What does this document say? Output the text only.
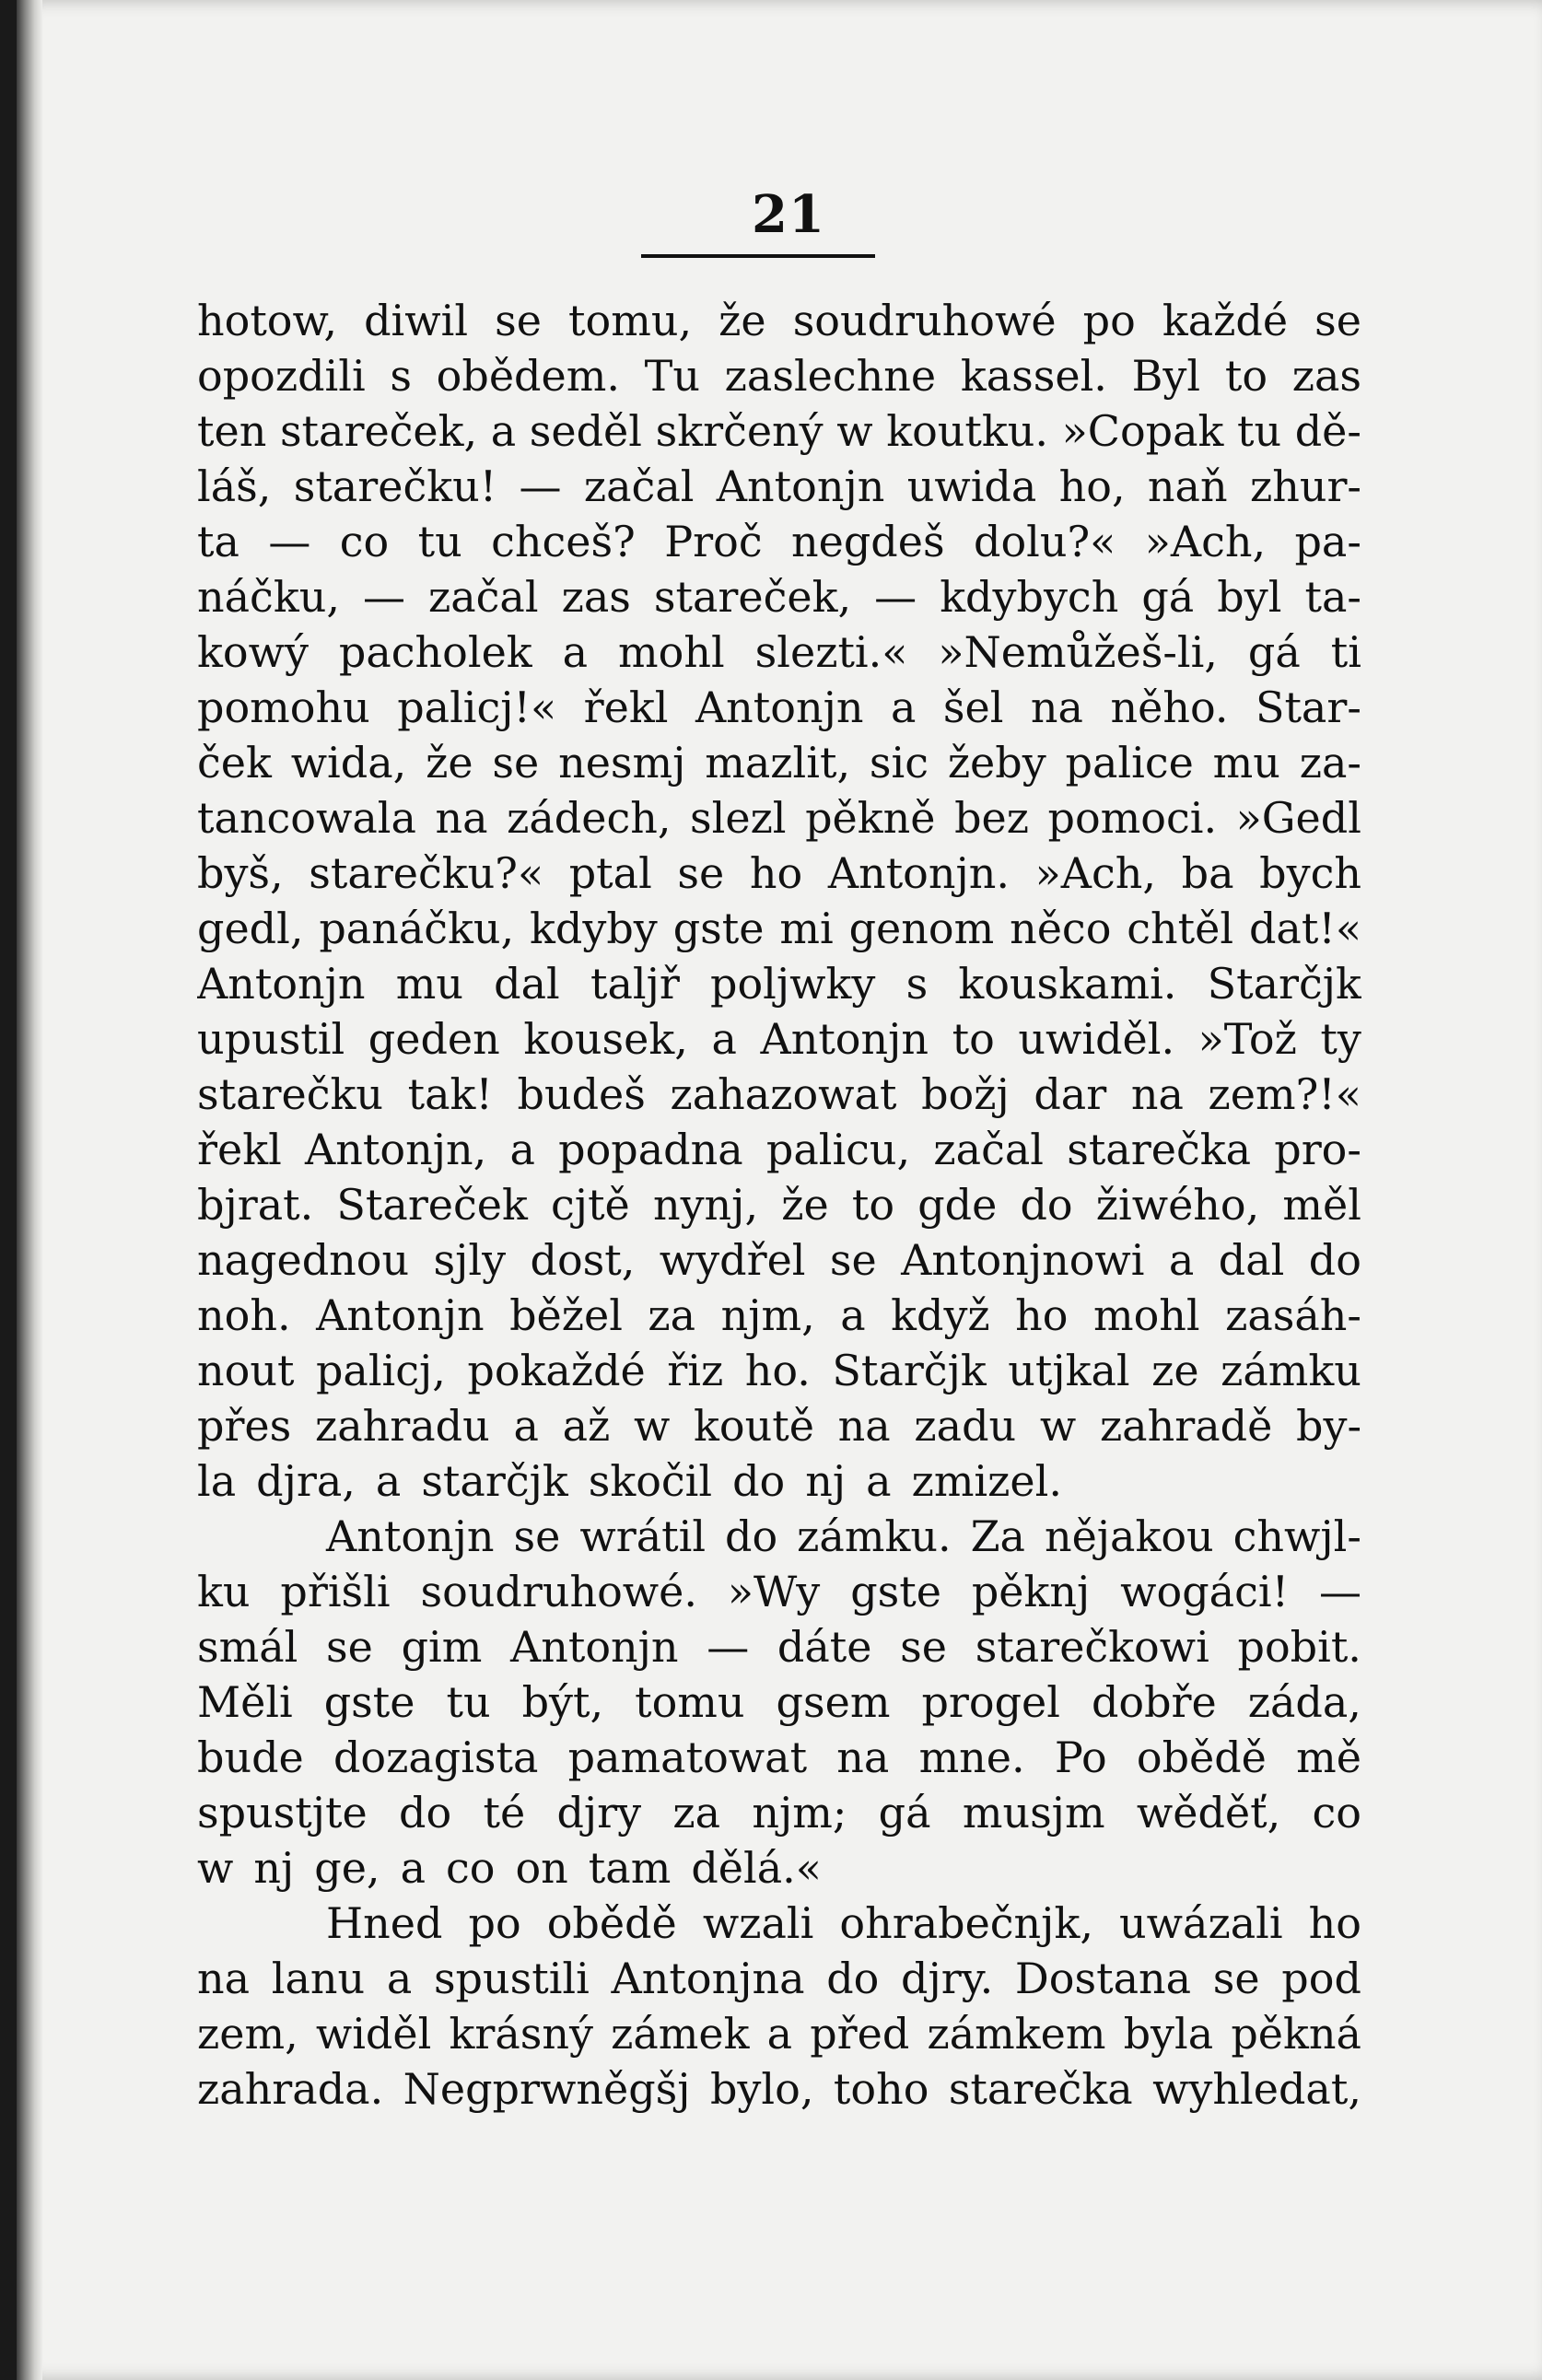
21
hotow, diwil se tomu, že soudruhowé po každé se
opozdili s obědem. Tu zaslechne kassel. Byl to zas
ten stareček, a seděl skrčený w koutku. »Copak tu dě-
láš, starečku! — začal Antonjn uwida ho, naň zhur-
ta — co tu chceš? Proč negdeš dolu?« »Ach, pa-
náčku, — začal zas stareček, — kdybych gá byl ta-
kowý pacholek a mohl slezti.« »Nemůžeš-li, gá ti
pomohu palicj!« řekl Antonjn a šel na něho. Star-
ček wida, že se nesmj mazlit, sic žeby palice mu za-
tancowala na zádech, slezl pěkně bez pomoci. »Gedl
byš, starečku?« ptal se ho Antonjn. »Ach, ba bych
gedl, panáčku, kdyby gste mi genom něco chtěl dat!«
Antonjn mu dal taljř poljwky s kouskami. Starčjk
upustil geden kousek, a Antonjn to uwiděl. »Tož ty
starečku tak! budeš zahazowat božj dar na zem?!«
řekl Antonjn, a popadna palicu, začal starečka pro-
bjrat. Stareček cjtě nynj, že to gde do žiwého, měl
nagednou sjly dost, wydřel se Antonjnowi a dal do
noh. Antonjn běžel za njm, a když ho mohl zasáh-
nout palicj, pokaždé řiz ho. Starčjk utjkal ze zámku
přes zahradu a až w koutě na zadu w zahradě by-
la djra, a starčjk skočil do nj a zmizel.
Antonjn se wrátil do zámku. Za nějakou chwjl-
ku přišli soudruhowé. »Wy gste pěknj wogáci! —
smál se gim Antonjn — dáte se starečkowi pobit.
Měli gste tu být, tomu gsem progel dobře záda,
bude dozagista pamatowat na mne. Po obědě mě
spustjte do té djry za njm; gá musjm wěděť, co
w nj ge, a co on tam dělá.«
Hned po obědě wzali ohrabečnjk, uwázali ho
na lanu a spustili Antonjna do djry. Dostana se pod
zem, widěl krásný zámek a před zámkem byla pěkná
zahrada. Negprwněgšj bylo, toho starečka wyhledat,
